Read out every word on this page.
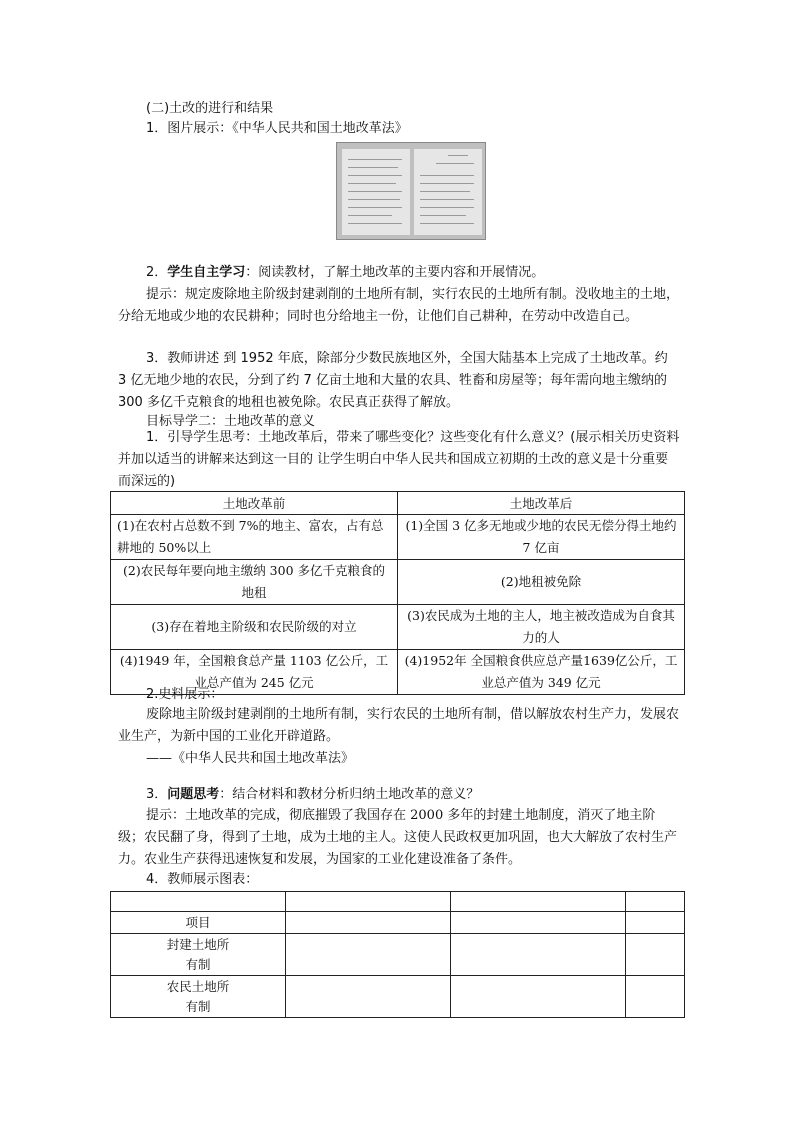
(二)土改的进行和结果
1．图片展示：《中华人民共和国土地改革法》
2．学生自主学习：阅读教材，了解土地改革的主要内容和开展情况。
提示：规定废除地主阶级封建剥削的土地所有制，实行农民的土地所有制。没收地主的土地，分给无地或少地的农民耕种；同时也分给地主一份，让他们自己耕种，在劳动中改造自己。
3．教师讲述 到 1952 年底，除部分少数民族地区外，全国大陆基本上完成了土地改革。约 3 亿无地少地的农民，分到了约 7 亿亩土地和大量的农具、牲畜和房屋等；每年需向地主缴纳的 300 多亿千克粮食的地租也被免除。农民真正获得了解放。
目标导学二：土地改革的意义
1．引导学生思考：土地改革后，带来了哪些变化？这些变化有什么意义？(展示相关历史资料并加以适当的讲解来达到这一目的 让学生明白中华人民共和国成立初期的土改的意义是十分重要而深远的)
土地改革前	土地改革后
(1)在农村占总数不到 7%的地主、富农，占有总耕地的 50%以上	(1)全国 3 亿多无地或少地的农民无偿分得土地约 7 亿亩
(2)农民每年要向地主缴纳 300 多亿千克粮食的地租	(2)地租被免除
(3)存在着地主阶级和农民阶级的对立	(3)农民成为土地的主人，地主被改造成为自食其力的人
(4)1949 年，全国粮食总产量 1103 亿公斤，工业总产值为 245 亿元	(4)1952年 全国粮食供应总产量1639亿公斤，工业总产值为 349 亿元
2.史料展示：
废除地主阶级封建剥削的土地所有制，实行农民的土地所有制，借以解放农村生产力，发展农业生产，为新中国的工业化开辟道路。
——《中华人民共和国土地改革法》
3．问题思考：结合材料和教材分析归纳土地改革的意义？
提示：土地改革的完成，彻底摧毁了我国存在 2000 多年的封建土地制度，消灭了地主阶级；农民翻了身，得到了土地，成为土地的主人。这使人民政权更加巩固，也大大解放了农村生产力。农业生产获得迅速恢复和发展，为国家的工业化建设准备了条件。
4．教师展示图表：

项目			
封建土地所有制			
农民土地所有制			
